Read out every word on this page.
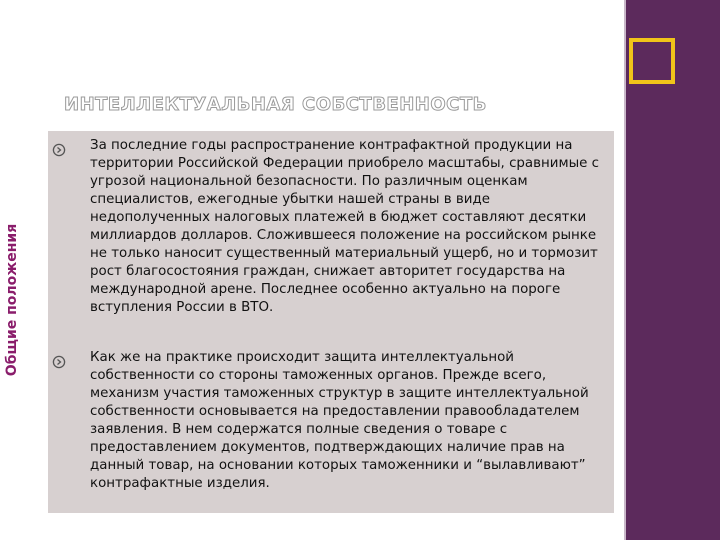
Общие положения
ИНТЕЛЛЕКТУАЛЬНАЯ СОБСТВЕННОСТЬ
За последние годы распространение контрафактной продукции на территории Российской Федерации приобрело масштабы, сравнимые с угрозой национальной безопасности. По различным оценкам специалистов, ежегодные убытки нашей страны в виде недополученных налоговых платежей в бюджет составляют десятки миллиардов долларов. Сложившееся положение на российском рынке не только наносит существенный материальный ущерб, но и тормозит рост благосостояния граждан, снижает авторитет государства на международной арене. Последнее особенно актуально на пороге вступления России в ВТО.
Как же на практике происходит защита интеллектуальной собственности со стороны таможенных органов. Прежде всего, механизм участия таможенных структур в защите интеллектуальной собственности основывается на предоставлении правообладателем заявления. В нем содержатся полные сведения о товаре с предоставлением документов, подтверждающих наличие прав на данный товар, на основании которых таможенники и “вылавливают” контрафактные изделия.
